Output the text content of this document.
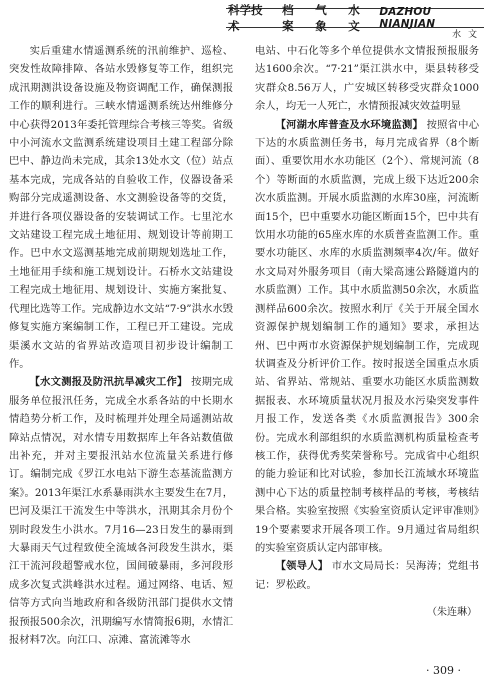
科学技术
档案
气象
水文
DAZHOU NIANJIAN
水 文

实后重建水情遥测系统的汛前维护、巡检、突发性故障排障、各站水毁修复等工作，组织完成汛期测洪设备设施及物资调配工作，确保测报工作的顺利进行。三峡水情遥测系统达州维修分中心获得2013年委托管理综合考核三等奖。省级中小河流水文监测系统建设项目土建工程部分除巴中、静边尚未完成，其余13处水文（位）站点基本完成，完成各站的自验收工作，仪器设备采购部分完成遥测设备、水文测验设备等的交货，并进行各项仪器设备的安装调试工作。七里沱水文站建设工程完成土地征用、规划设计等前期工作。巴中水文巡测基地完成前期规划选址工作，土地征用手续和施工规划设计。石桥水文站建设工程完成土地征用、规划设计、实施方案批复、代理比选等工作。完成静边水文站“7·9”洪水水毁修复实施方案编制工作，工程已开工建设。完成渠溪水文站的省界站改造项目初步设计编制工作。

【水文测报及防汛抗旱减灾工作】 按期完成服务单位报汛任务，完成全水系各站的中长期水情趋势分析工作，及时梳理并处理全局遥测站故障站点情况，对水情专用数据库上年各站数值做出补充，并对主要报汛站水位流量关系进行修订。编制完成《罗江水电站下游生态基流监测方案》。2013年渠江水系暴雨洪水主要发生在7月，巴河及渠江干流发生中等洪水，汛期其余月份个别时段发生小洪水。7月16—23日发生的暴雨到大暴雨天气过程致使全流域各河段发生洪水，渠江干流河段超警戒水位，国间破暴雨，多河段形成多次复式洪峰洪水过程。通过网络、电话、短信等方式向当地政府和各级防汛部门提供水文情报预报500余次，汛期编写水情简报6期，水情汇报材料7次。向江口、凉滩、富流滩等水

电站、中石化等多个单位提供水文情报预报服务达1600余次。“7·21”渠江洪水中，渠县转移受灾群众8.56万人，广安城区转移受灾群众1000余人，均无一人死亡，水情预报减灾效益明显

【河湖水库普查及水环境监测】 按照省中心下达的水质监测任务书，每月完成省界（8个断面）、重要饮用水水功能区（2个）、常规河流（8个）等断面的水质监测，完成上级下达近200余次水质监测。开展水质监测的水库30座，河流断面15个，巴中重要水功能区断面15个，巴中共有饮用水功能的65座水库的水质普查监测工作。重要水功能区、水库的水质监测频率4次/年。做好水文局对外服务项目（南大梁高速公路隧道内的水质监测）工作。其中水质监测50余次，水质监测样品600余次。按照水利厅《关于开展全国水资源保护规划编制工作的通知》要求，承担达州、巴中两市水资源保护规划编制工作，完成现状调查及分析评价工作。按时报送全国重点水质站、省界站、常规站、重要水功能区水质监测数据报表、水环境质量状况月报及水污染突发事件月报工作，发送各类《水质监测报告》300余份。完成水利部组织的水质监测机构质量检查考核工作，获得优秀奖荣誉称号。完成省中心组织的能力验证和比对试验，参加长江流域水环境监测中心下达的质量控制考核样品的考核，考核结果合格。实验室按照《实验室资质认定评审准则》19个要素要求开展各项工作。9月通过省局组织的实验室资质认定内部审核。

【领导人】 市水文局局长：吴海涛；党组书记：罗松政。

（朱连琳）
· 309 ·
